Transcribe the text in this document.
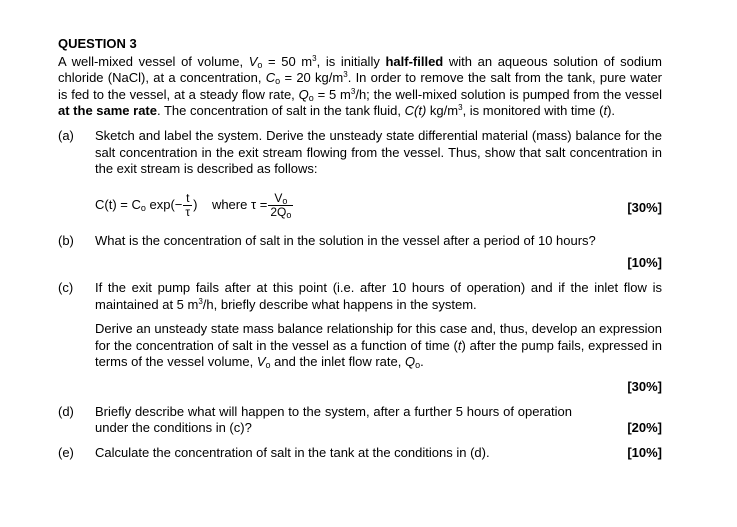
QUESTION 3

A well-mixed vessel of volume, $V_o = 50$ $m^3$, is initially half-filled with an aqueous solution of sodium chloride (NaCl), at a concentration, $C_o = 20$ $kg/m^3$. In order to remove the salt from the tank, pure water is fed to the vessel, at a steady flow rate, $Q_o = 5$ $m^3/h$; the well-mixed solution is pumped from the vessel at the same rate. The concentration of salt in the tank fluid, C(t) $kg/m^3$, is monitored with time (t).

(a) Sketch and label the system. Derive the unsteady state differential material (mass) balance for the salt concentration in the exit stream flowing from the vessel. Thus, show that salt concentration in the exit stream is described as follows:

$C(t) = C_o$ $\exp(- \frac{t}{\tau}$ ) where $\tau = \frac{V_o}{2Q_o}$	[30%]
(b) What is the concentration of salt in the solution in the vessel after a period of 10 hours?

[10%]
(c) If the exit pump fails after at this point (i.e. after 10 hours of operation) and if the inlet flow is maintained at 5 $m^3/h$, briefly describe what happens in the system.

Derive an unsteady state mass balance relationship for this case and, thus, develop an expression for the concentration of salt in the vessel as a function of time (t) after the pump fails, expressed in terms of the vessel volume, $V_o$ and the inlet flow rate, $Q_o$.

[30%]
(d) Briefly describe what will happen to the system, after a further 5 hours of operation under the conditions in (c)?	[20%]
(e) Calculate the concentration of salt in the tank at the conditions in (d).	[10%]
